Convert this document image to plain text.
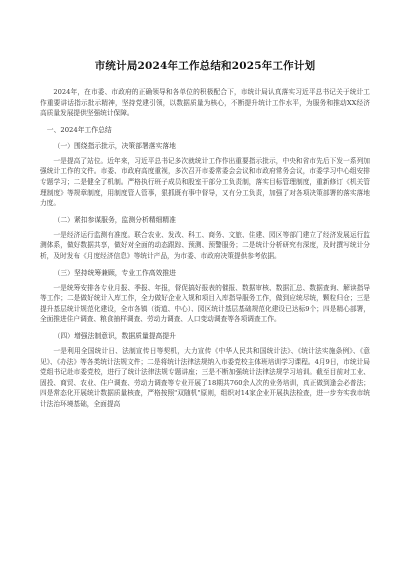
市统计局2024年工作总结和2025年工作计划

2024年，在市委、市政府的正确领导和各单位的积极配合下，市统计局认真落实习近平总书记关于统计工作重要讲话指示批示精神，坚持党建引领，以数据质量为核心，不断提升统计工作水平，为服务和推动XX经济高质量发展提供坚强统计保障。

一、2024年工作总结
（一）围绕指示批示，决策部署落实落地

一是提高了站位。近年来，习近平总书记多次就统计工作作出重要指示批示，中央和省市先后下发一系列加强统计工作的文件。市委、市政府高度重视，多次召开市委常委会会议和市政府常务会议，市委学习中心组安排专题学习；二是健全了机制。严格执行班子成员和股室干部分工负责制，落实目标管理制度，重新修订《机关管理制度》等规章制度，用制度管人管事，狠抓既有事中督导，又有分工负责，加强了对各项决策部署的落实落地力度。

（二）紧扣参谋服务，监测分析精细精准

一是经济运行监测有准度。联合农业、发改、科工、商务、文旅、住建、园区等部门建立了经济发展运行监测体系，做好数据共享，做好对全面的动态跟踪、预测、预警服务；二是统计分析研究有深度，及时撰写统计分析，及时发布《月度经济信息》等统计产品，为市委、市政府决策提供参考依据。

（三）坚持统筹兼顾，专业工作高效推进

一是统筹安排各专业月报、季报、年报，督促搞好报表的催报、数据审核、数据汇总、数据查询、解读指导等工作；二是做好统计入库工作，全力做好企业入规和项目入库指导服务工作，做到应统尽统，颗粒归仓；三是提升基层统计规范化建设，全市各镇（街道、中心）、园区统计基层基础规范化建设已达标9个；四是精心部署，全面推进住户调查、粮食抽样调查、劳动力调查、人口变动调查等各项调查工作。

（四）增强法制意识，数据质量提高提升

一是利用全国统计日、法制宣传日等契机，大力宣传《中华人民共和国统计法》、《统计法实施条例》、《意见》、《办法》等各类统计法规文件；二是将统计法律法规纳入市委党校主体班培训学习课程。4月9日，市统计局党组书记赴市委党校，进行了统计法律法规专题讲座；三是不断加强统计法律法规学习培训。截至目前对工业、固投、商贸、农业、住户调查、劳动力调查等专业开展了18期共760余人次的业务培训，真正做到逢会必普法；四是常态化开展统计数据质量核查，严格按照"双随机"原则，组织对14家企业开展执法检查，进一步夯实我市统计法治环境基础，全面提高
